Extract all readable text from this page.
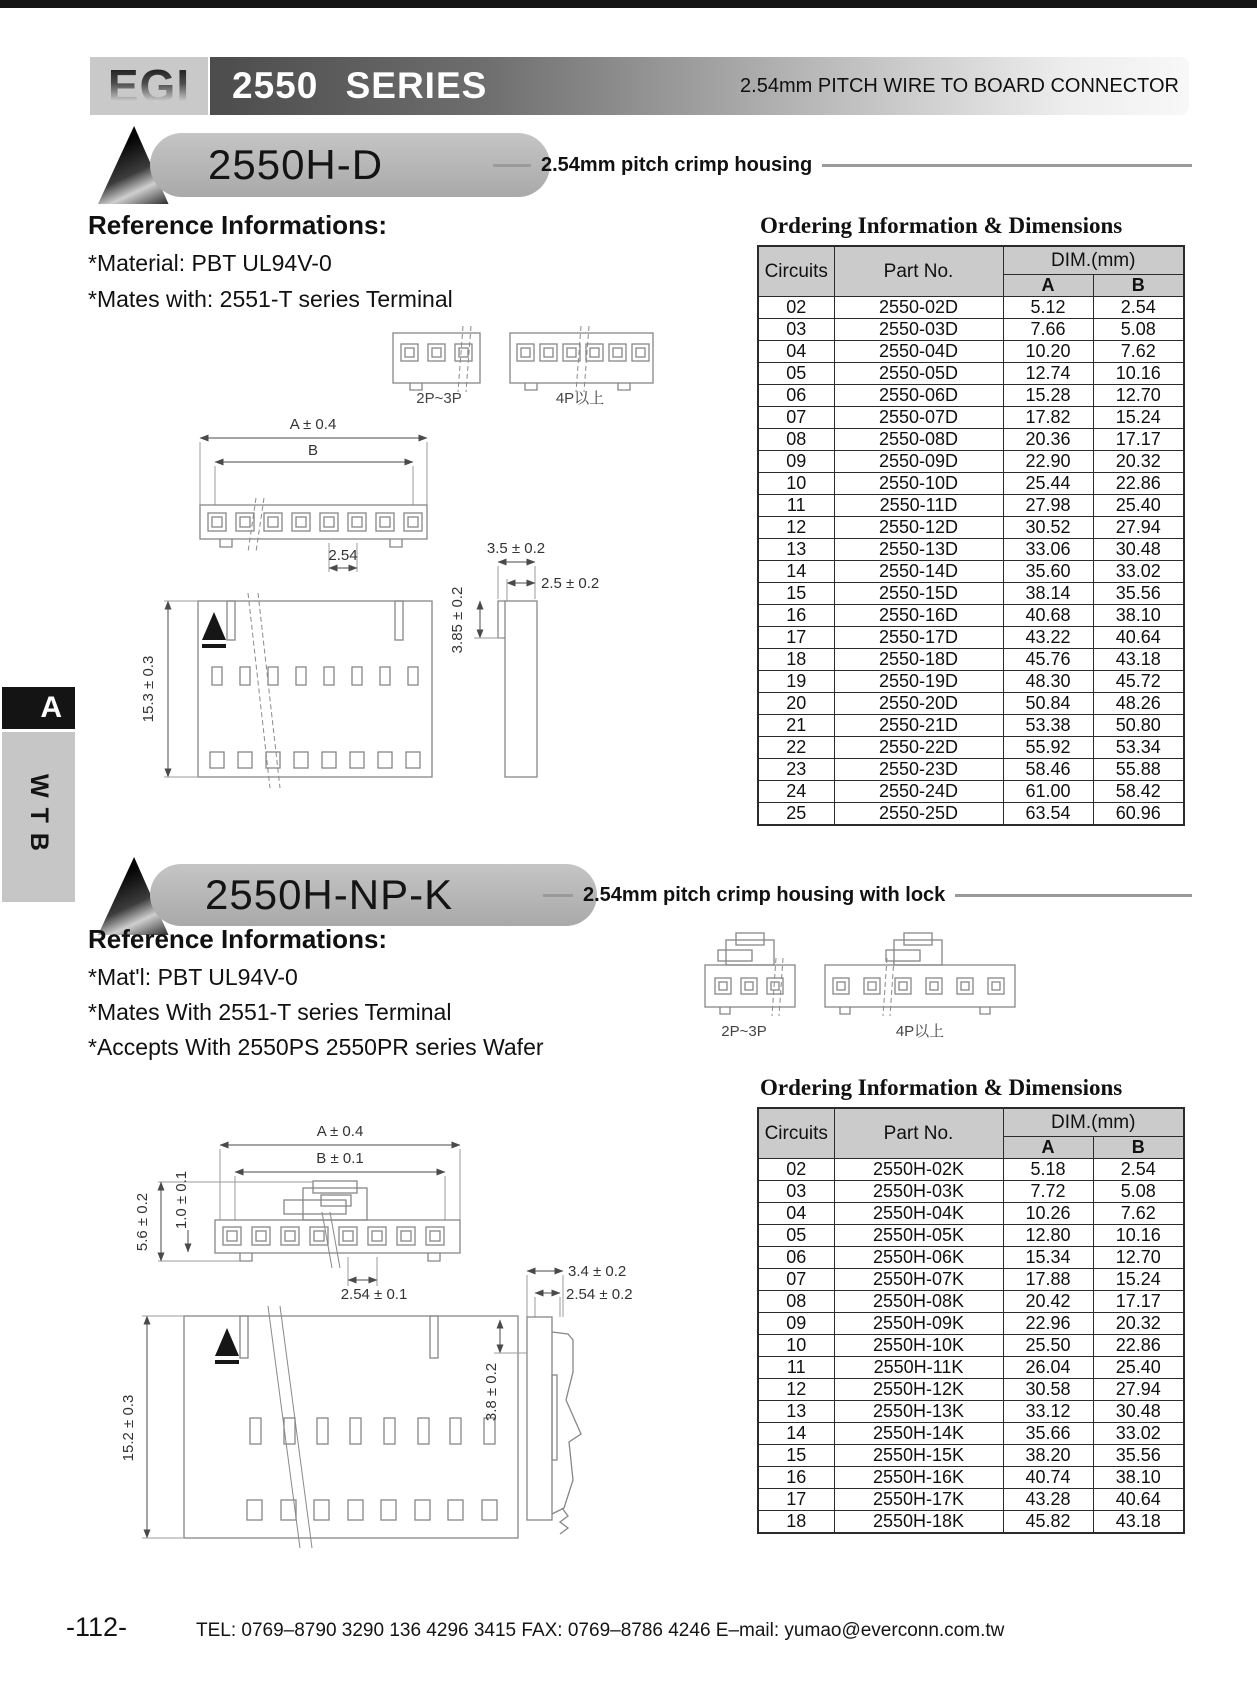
EGI	2550 SERIES	2.54mm PITCH WIRE TO BOARD CONNECTOR
A
WTB
2550H-D	2.54mm pitch crimp housing
Reference Informations:
*Material: PBT UL94V-0
*Mates with: 2551-T series Terminal
2P~3P	4P以上
A ± 0.4
B
2.54	3.5 ± 0.2
2.5 ± 0.2
3.85 ± 0.2
15.3 ± 0.3
Ordering Information & Dimensions
Circuits	Part No.	DIM.(mm)	
		A	B
02	2550-02D	5.12	2.54
03	2550-03D	7.66	5.08
04	2550-04D	10.20	7.62
05	2550-05D	12.74	10.16
06	2550-06D	15.28	12.70
07	2550-07D	17.82	15.24
08	2550-08D	20.36	17.17
09	2550-09D	22.90	20.32
10	2550-10D	25.44	22.86
11	2550-11D	27.98	25.40
12	2550-12D	30.52	27.94
13	2550-13D	33.06	30.48
14	2550-14D	35.60	33.02
15	2550-15D	38.14	35.56
16	2550-16D	40.68	38.10
17	2550-17D	43.22	40.64
18	2550-18D	45.76	43.18
19	2550-19D	48.30	45.72
20	2550-20D	50.84	48.26
21	2550-21D	53.38	50.80
22	2550-22D	55.92	53.34
23	2550-23D	58.46	55.88
24	2550-24D	61.00	58.42
25	2550-25D	63.54	60.96
2550H-NP-K	2.54mm pitch crimp housing with lock
Reference Informations:
*Mat'l: PBT UL94V-0
*Mates With 2551-T series Terminal
*Accepts With 2550PS 2550PR series Wafer
2P~3P	4P以上
A ± 0.4
B ± 0.1
5.6 ± 0.2 1.0 ± 0.1
2.54 ± 0.1
15.2 ± 0.3
3.4 ± 0.2
2.54 ± 0.2
3.8 ± 0.2
Ordering Information & Dimensions
Circuits	Part No.	DIM.(mm)	
		A	B
02	2550H-02K	5.18	2.54
03	2550H-03K	7.72	5.08
04	2550H-04K	10.26	7.62
05	2550H-05K	12.80	10.16
06	2550H-06K	15.34	12.70
07	2550H-07K	17.88	15.24
08	2550H-08K	20.42	17.17
09	2550H-09K	22.96	20.32
10	2550H-10K	25.50	22.86
11	2550H-11K	26.04	25.40
12	2550H-12K	30.58	27.94
13	2550H-13K	33.12	30.48
14	2550H-14K	35.66	33.02
15	2550H-15K	38.20	35.56
16	2550H-16K	40.74	38.10
17	2550H-17K	43.28	40.64
18	2550H-18K	45.82	43.18
-112-	TEL: 0769–8790 3290 136 4296 3415 FAX: 0769–8786 4246 E–mail: yumao@everconn.com.tw
